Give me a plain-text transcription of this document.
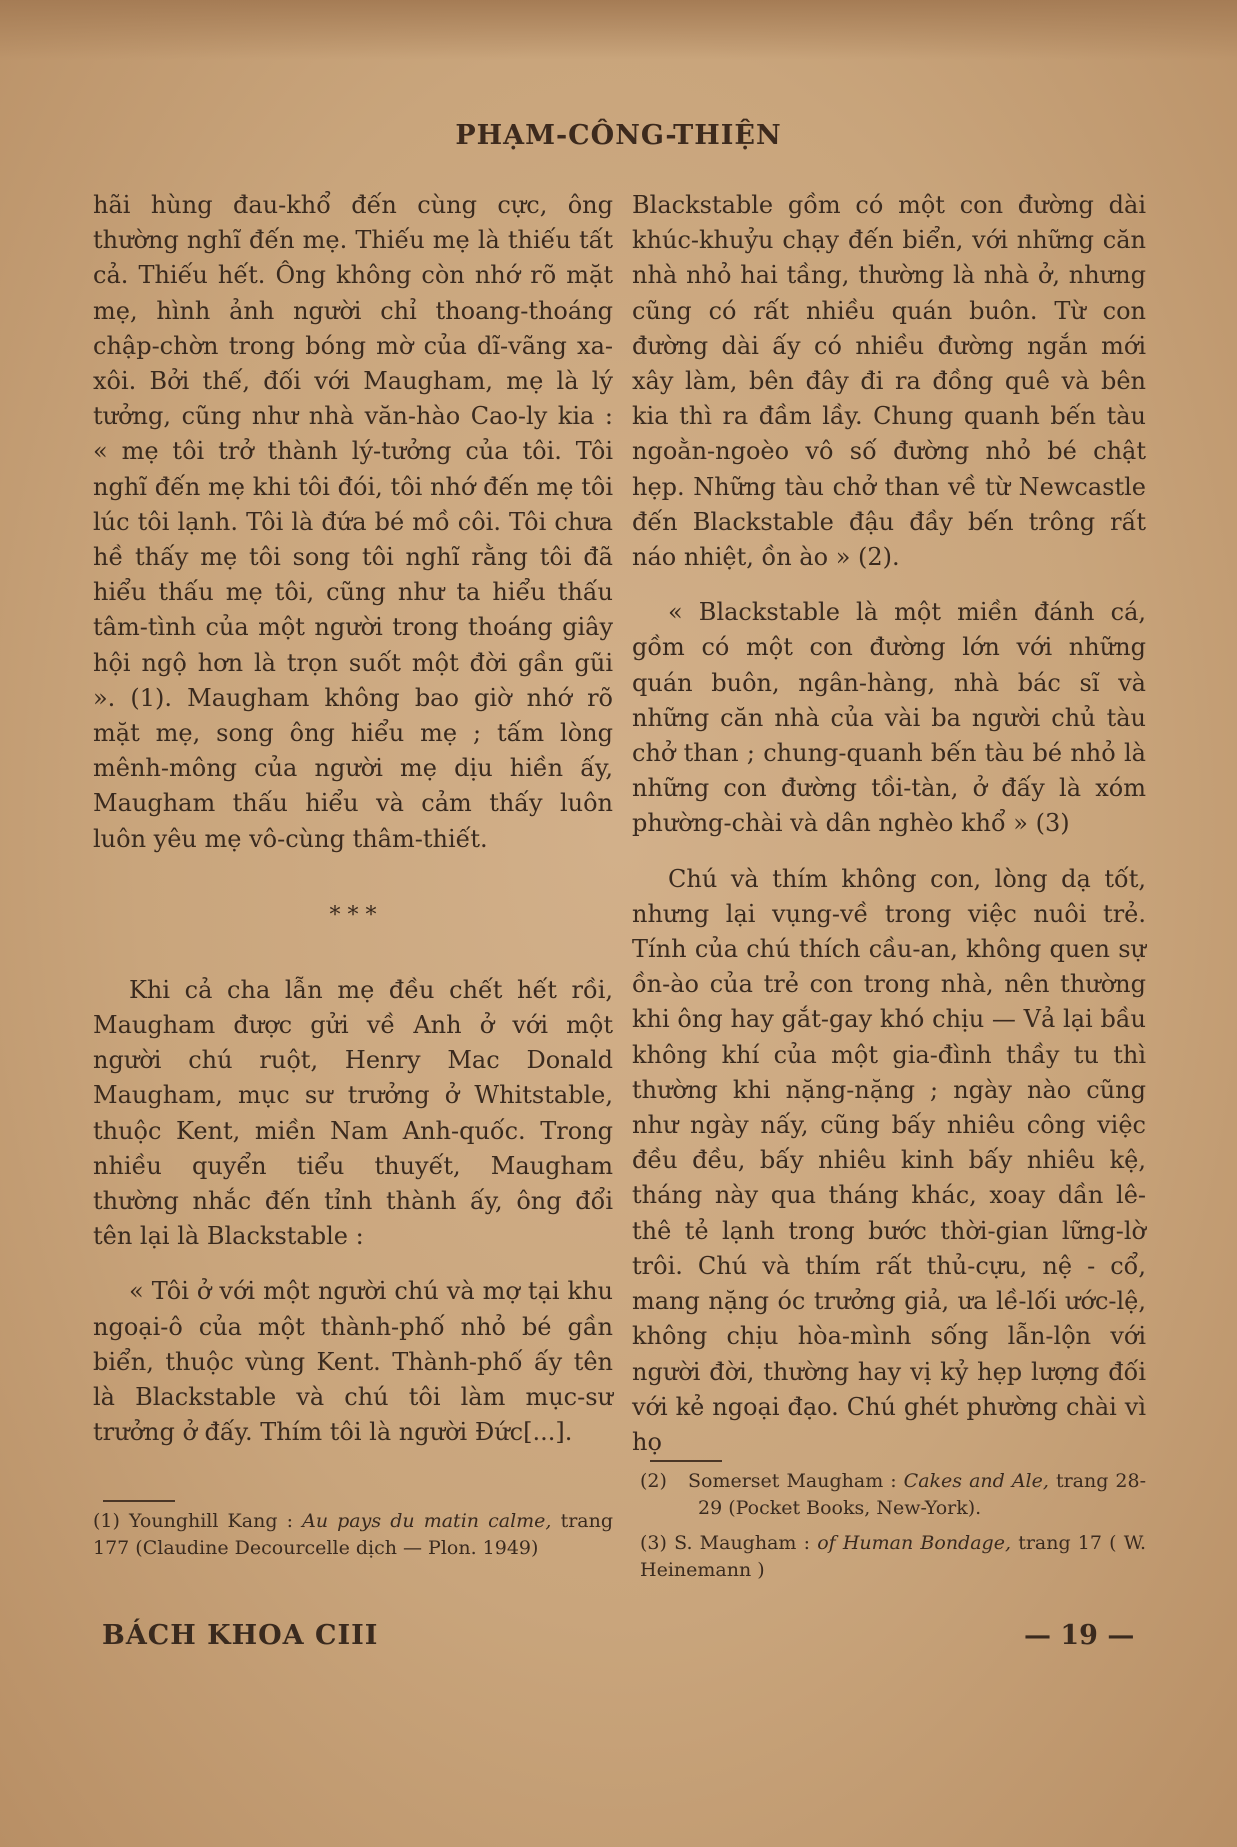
PHẠM-CÔNG-THIỆN

hãi hùng đau-khổ đến cùng cực, ông thường nghĩ đến mẹ. Thiếu mẹ là thiếu tất cả. Thiếu hết. Ông không còn nhớ rõ mặt mẹ, hình ảnh người chỉ thoang-thoáng chập-chờn trong bóng mờ của dĩ-vãng xa-xôi. Bởi thế, đối với Maugham, mẹ là lý tưởng, cũng như nhà văn-hào Cao-ly kia : « mẹ tôi trở thành lý-tưởng của tôi. Tôi nghĩ đến mẹ khi tôi đói, tôi nhớ đến mẹ tôi lúc tôi lạnh. Tôi là đứa bé mồ côi. Tôi chưa hề thấy mẹ tôi song tôi nghĩ rằng tôi đã hiểu thấu mẹ tôi, cũng như ta hiểu thấu tâm-tình của một người trong thoáng giây hội ngộ hơn là trọn suốt một đời gần gũi ». (1). Maugham không bao giờ nhớ rõ mặt mẹ, song ông hiểu mẹ ; tấm lòng mênh-mông của người mẹ dịu hiền ấy, Maugham thấu hiểu và cảm thấy luôn luôn yêu mẹ vô-cùng thâm-thiết.

* * *

Khi cả cha lẫn mẹ đều chết hết rồi, Maugham được gửi về Anh ở với một người chú ruột, Henry Mac Donald Maugham, mục sư trưởng ở Whitstable, thuộc Kent, miền Nam Anh-quốc. Trong nhiều quyển tiểu thuyết, Maugham thường nhắc đến tỉnh thành ấy, ông đổi tên lại là Blackstable :

« Tôi ở với một người chú và mợ tại khu ngoại-ô của một thành-phố nhỏ bé gần biển, thuộc vùng Kent. Thành-phố ấy tên là Blackstable và chú tôi làm mục-sư trưởng ở đấy. Thím tôi là người Đức[...].

Blackstable gồm có một con đường dài khúc-khuỷu chạy đến biển, với những căn nhà nhỏ hai tầng, thường là nhà ở, nhưng cũng có rất nhiều quán buôn. Từ con đường dài ấy có nhiều đường ngắn mới xây làm, bên đây đi ra đồng quê và bên kia thì ra đầm lầy. Chung quanh bến tàu ngoằn-ngoèo vô số đường nhỏ bé chật hẹp. Những tàu chở than về từ Newcastle đến Blackstable đậu đầy bến trông rất náo nhiệt, ồn ào » (2).

« Blackstable là một miền đánh cá, gồm có một con đường lớn với những quán buôn, ngân-hàng, nhà bác sĩ và những căn nhà của vài ba người chủ tàu chở than ; chung-quanh bến tàu bé nhỏ là những con đường tồi-tàn, ở đấy là xóm phường-chài và dân nghèo khổ » (3)

Chú và thím không con, lòng dạ tốt, nhưng lại vụng-về trong việc nuôi trẻ. Tính của chú thích cầu-an, không quen sự ồn-ào của trẻ con trong nhà, nên thường khi ông hay gắt-gay khó chịu — Vả lại bầu không khí của một gia-đình thầy tu thì thường khi nặng-nặng ; ngày nào cũng như ngày nấy, cũng bấy nhiêu công việc đều đều, bấy nhiêu kinh bấy nhiêu kệ, tháng này qua tháng khác, xoay dần lê-thê tẻ lạnh trong bước thời-gian lững-lờ trôi. Chú và thím rất thủ-cựu, nệ - cổ, mang nặng óc trưởng giả, ưa lề-lối ước-lệ, không chịu hòa-mình sống lẫn-lộn với người đời, thường hay vị kỷ hẹp lượng đối với kẻ ngoại đạo. Chú ghét phường chài vì họ

(1) Younghill Kang : Au pays du matin calme, trang 177 (Claudine Decourcelle dịch — Plon. 1949)

(2) Somerset Maugham : Cakes and Ale, trang 28-29 (Pocket Books, New-York).

(3) S. Maugham : of Human Bondage, trang 17 ( W. Heinemann )

BÁCH KHOA CIII	— 19 —
